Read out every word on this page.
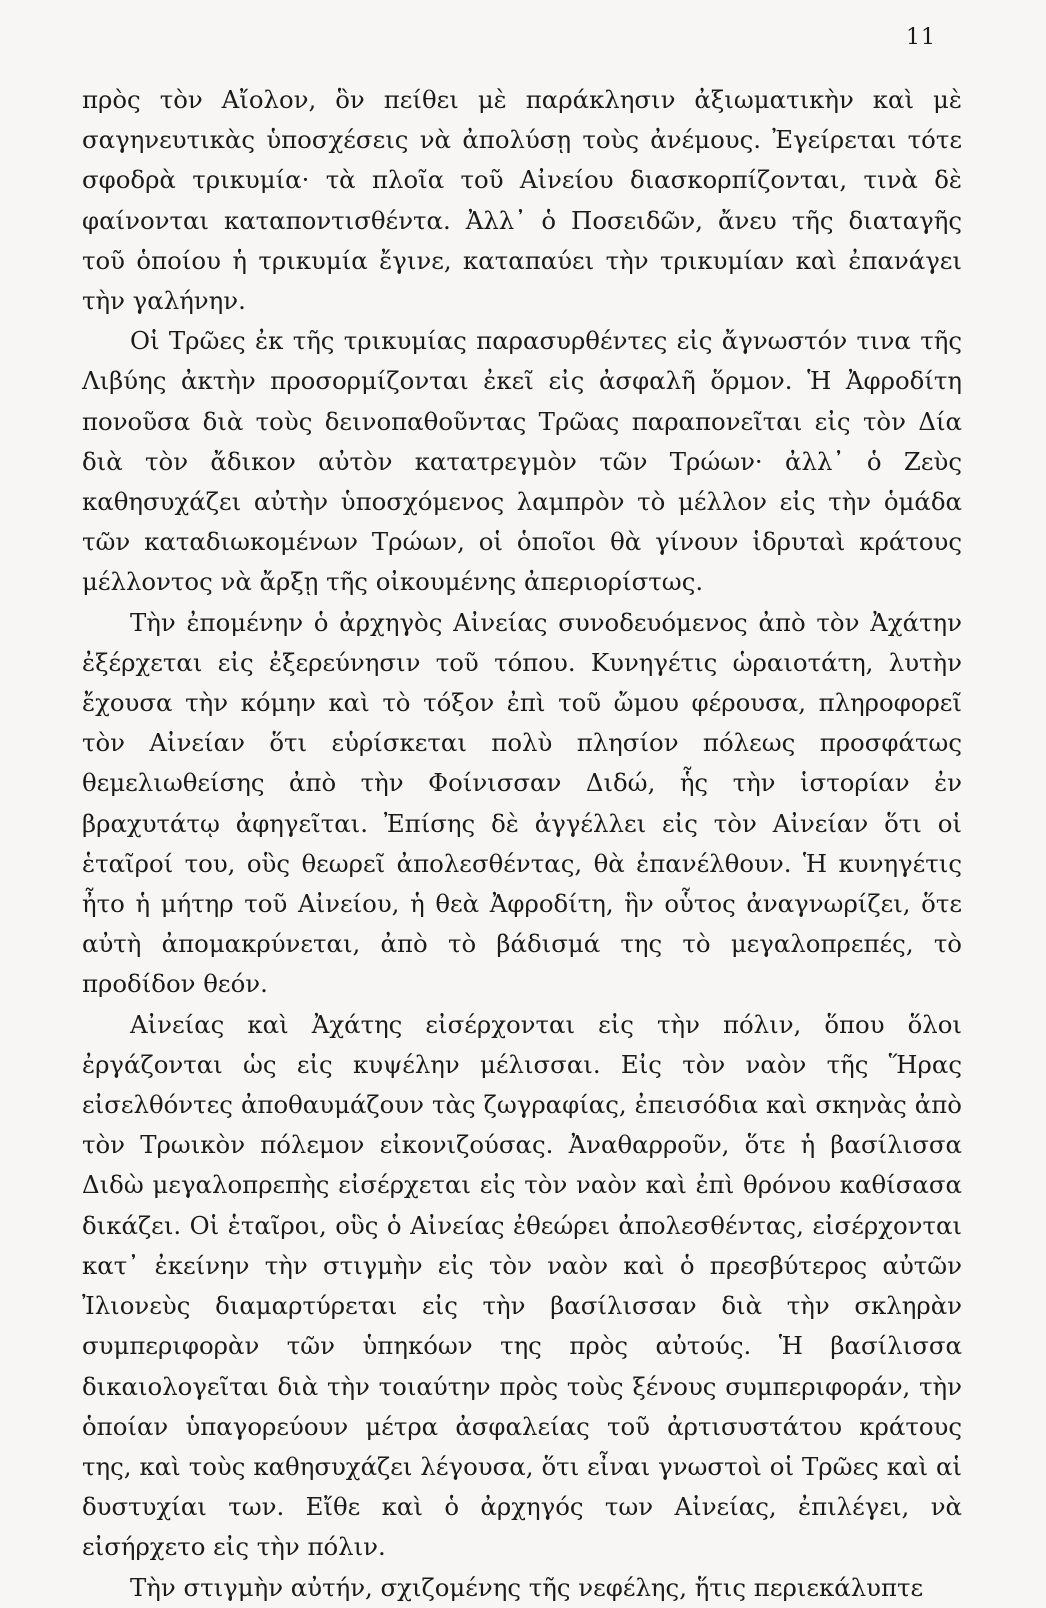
11

πρὸς τὸν Αἴολον, ὃν πείθει μὲ παράκλησιν ἀξιωματικὴν καὶ μὲ σαγηνευτικὰς ὑποσχέσεις νὰ ἀπολύσῃ τοὺς ἀνέμους. Ἐγείρεται τότε σφοδρὰ τρικυμία· τὰ πλοῖα τοῦ Αἰνείου διασκορπίζονται, τινὰ δὲ φαίνονται καταποντισθέντα. Ἀλλ᾽ ὁ Ποσειδῶν, ἄνευ τῆς διαταγῆς τοῦ ὁποίου ἡ τρικυμία ἔγινε, καταπαύει τὴν τρικυμίαν καὶ ἐπανάγει τὴν γαλήνην.

Οἱ Τρῶες ἐκ τῆς τρικυμίας παρασυρθέντες εἰς ἄγνωστόν τινα τῆς Λιβύης ἀκτὴν προσορμίζονται ἐκεῖ εἰς ἀσφαλῆ ὅρμον. Ἡ Ἀφροδίτη πονοῦσα διὰ τοὺς δεινοπαθοῦντας Τρῶας παραπονεῖται εἰς τὸν Δία διὰ τὸν ἄδικον αὐτὸν κατατρεγμὸν τῶν Τρώων· ἀλλ᾽ ὁ Ζεὺς καθησυχάζει αὐτὴν ὑποσχόμενος λαμπρὸν τὸ μέλλον εἰς τὴν ὁμάδα τῶν καταδιωκομένων Τρώων, οἱ ὁποῖοι θὰ γίνουν ἱδρυταὶ κράτους μέλλοντος νὰ ἄρξῃ τῆς οἰκουμένης ἀπεριορίστως.

Τὴν ἐπομένην ὁ ἀρχηγὸς Αἰνείας συνοδευόμενος ἀπὸ τὸν Ἀχάτην ἐξέρχεται εἰς ἐξερεύνησιν τοῦ τόπου. Κυνηγέτις ὡραιοτάτη, λυτὴν ἔχουσα τὴν κόμην καὶ τὸ τόξον ἐπὶ τοῦ ὤμου φέρουσα, πληροφορεῖ τὸν Αἰνείαν ὅτι εὑρίσκεται πολὺ πλησίον πόλεως προσφάτως θεμελιωθείσης ἀπὸ τὴν Φοίνισσαν Διδώ, ἧς τὴν ἱστορίαν ἐν βραχυτάτῳ ἀφηγεῖται. Ἐπίσης δὲ ἀγγέλλει εἰς τὸν Αἰνείαν ὅτι οἱ ἑταῖροί του, οὓς θεωρεῖ ἀπολεσθέντας, θὰ ἐπανέλθουν. Ἡ κυνηγέτις ἦτο ἡ μήτηρ τοῦ Αἰνείου, ἡ θεὰ Ἀφροδίτη, ἣν οὗτος ἀναγνωρίζει, ὅτε αὐτὴ ἀπομακρύνεται, ἀπὸ τὸ βάδισμά της τὸ μεγαλοπρεπές, τὸ προδίδον θεόν.

Αἰνείας καὶ Ἀχάτης εἰσέρχονται εἰς τὴν πόλιν, ὅπου ὅλοι ἐργάζονται ὡς εἰς κυψέλην μέλισσαι. Εἰς τὸν ναὸν τῆς Ἥρας εἰσελθόντες ἀποθαυμάζουν τὰς ζωγραφίας, ἐπεισόδια καὶ σκηνὰς ἀπὸ τὸν Τρωικὸν πόλεμον εἰκονιζούσας. Ἀναθαρροῦν, ὅτε ἡ βασίλισσα Διδὼ μεγαλοπρεπὴς εἰσέρχεται εἰς τὸν ναὸν καὶ ἐπὶ θρόνου καθίσασα δικάζει. Οἱ ἑταῖροι, οὓς ὁ Αἰνείας ἐθεώρει ἀπολεσθέντας, εἰσέρχονται κατ᾽ ἐκείνην τὴν στιγμὴν εἰς τὸν ναὸν καὶ ὁ πρεσβύτερος αὐτῶν Ἰλιονεὺς διαμαρτύρεται εἰς τὴν βασίλισσαν διὰ τὴν σκληρὰν συμπεριφορὰν τῶν ὑπηκόων της πρὸς αὐτούς. Ἡ βασίλισσα δικαιολογεῖται διὰ τὴν τοιαύτην πρὸς τοὺς ξένους συμπεριφοράν, τὴν ὁποίαν ὑπαγορεύουν μέτρα ἀσφαλείας τοῦ ἀρτισυστάτου κράτους της, καὶ τοὺς καθησυχάζει λέγουσα, ὅτι εἶναι γνωστοὶ οἱ Τρῶες καὶ αἱ δυστυχίαι των. Εἴθε καὶ ὁ ἀρχηγός των Αἰνείας, ἐπιλέγει, νὰ εἰσήρχετο εἰς τὴν πόλιν.

Τὴν στιγμὴν αὐτήν, σχιζομένης τῆς νεφέλης, ἥτις περιεκάλυπτε
